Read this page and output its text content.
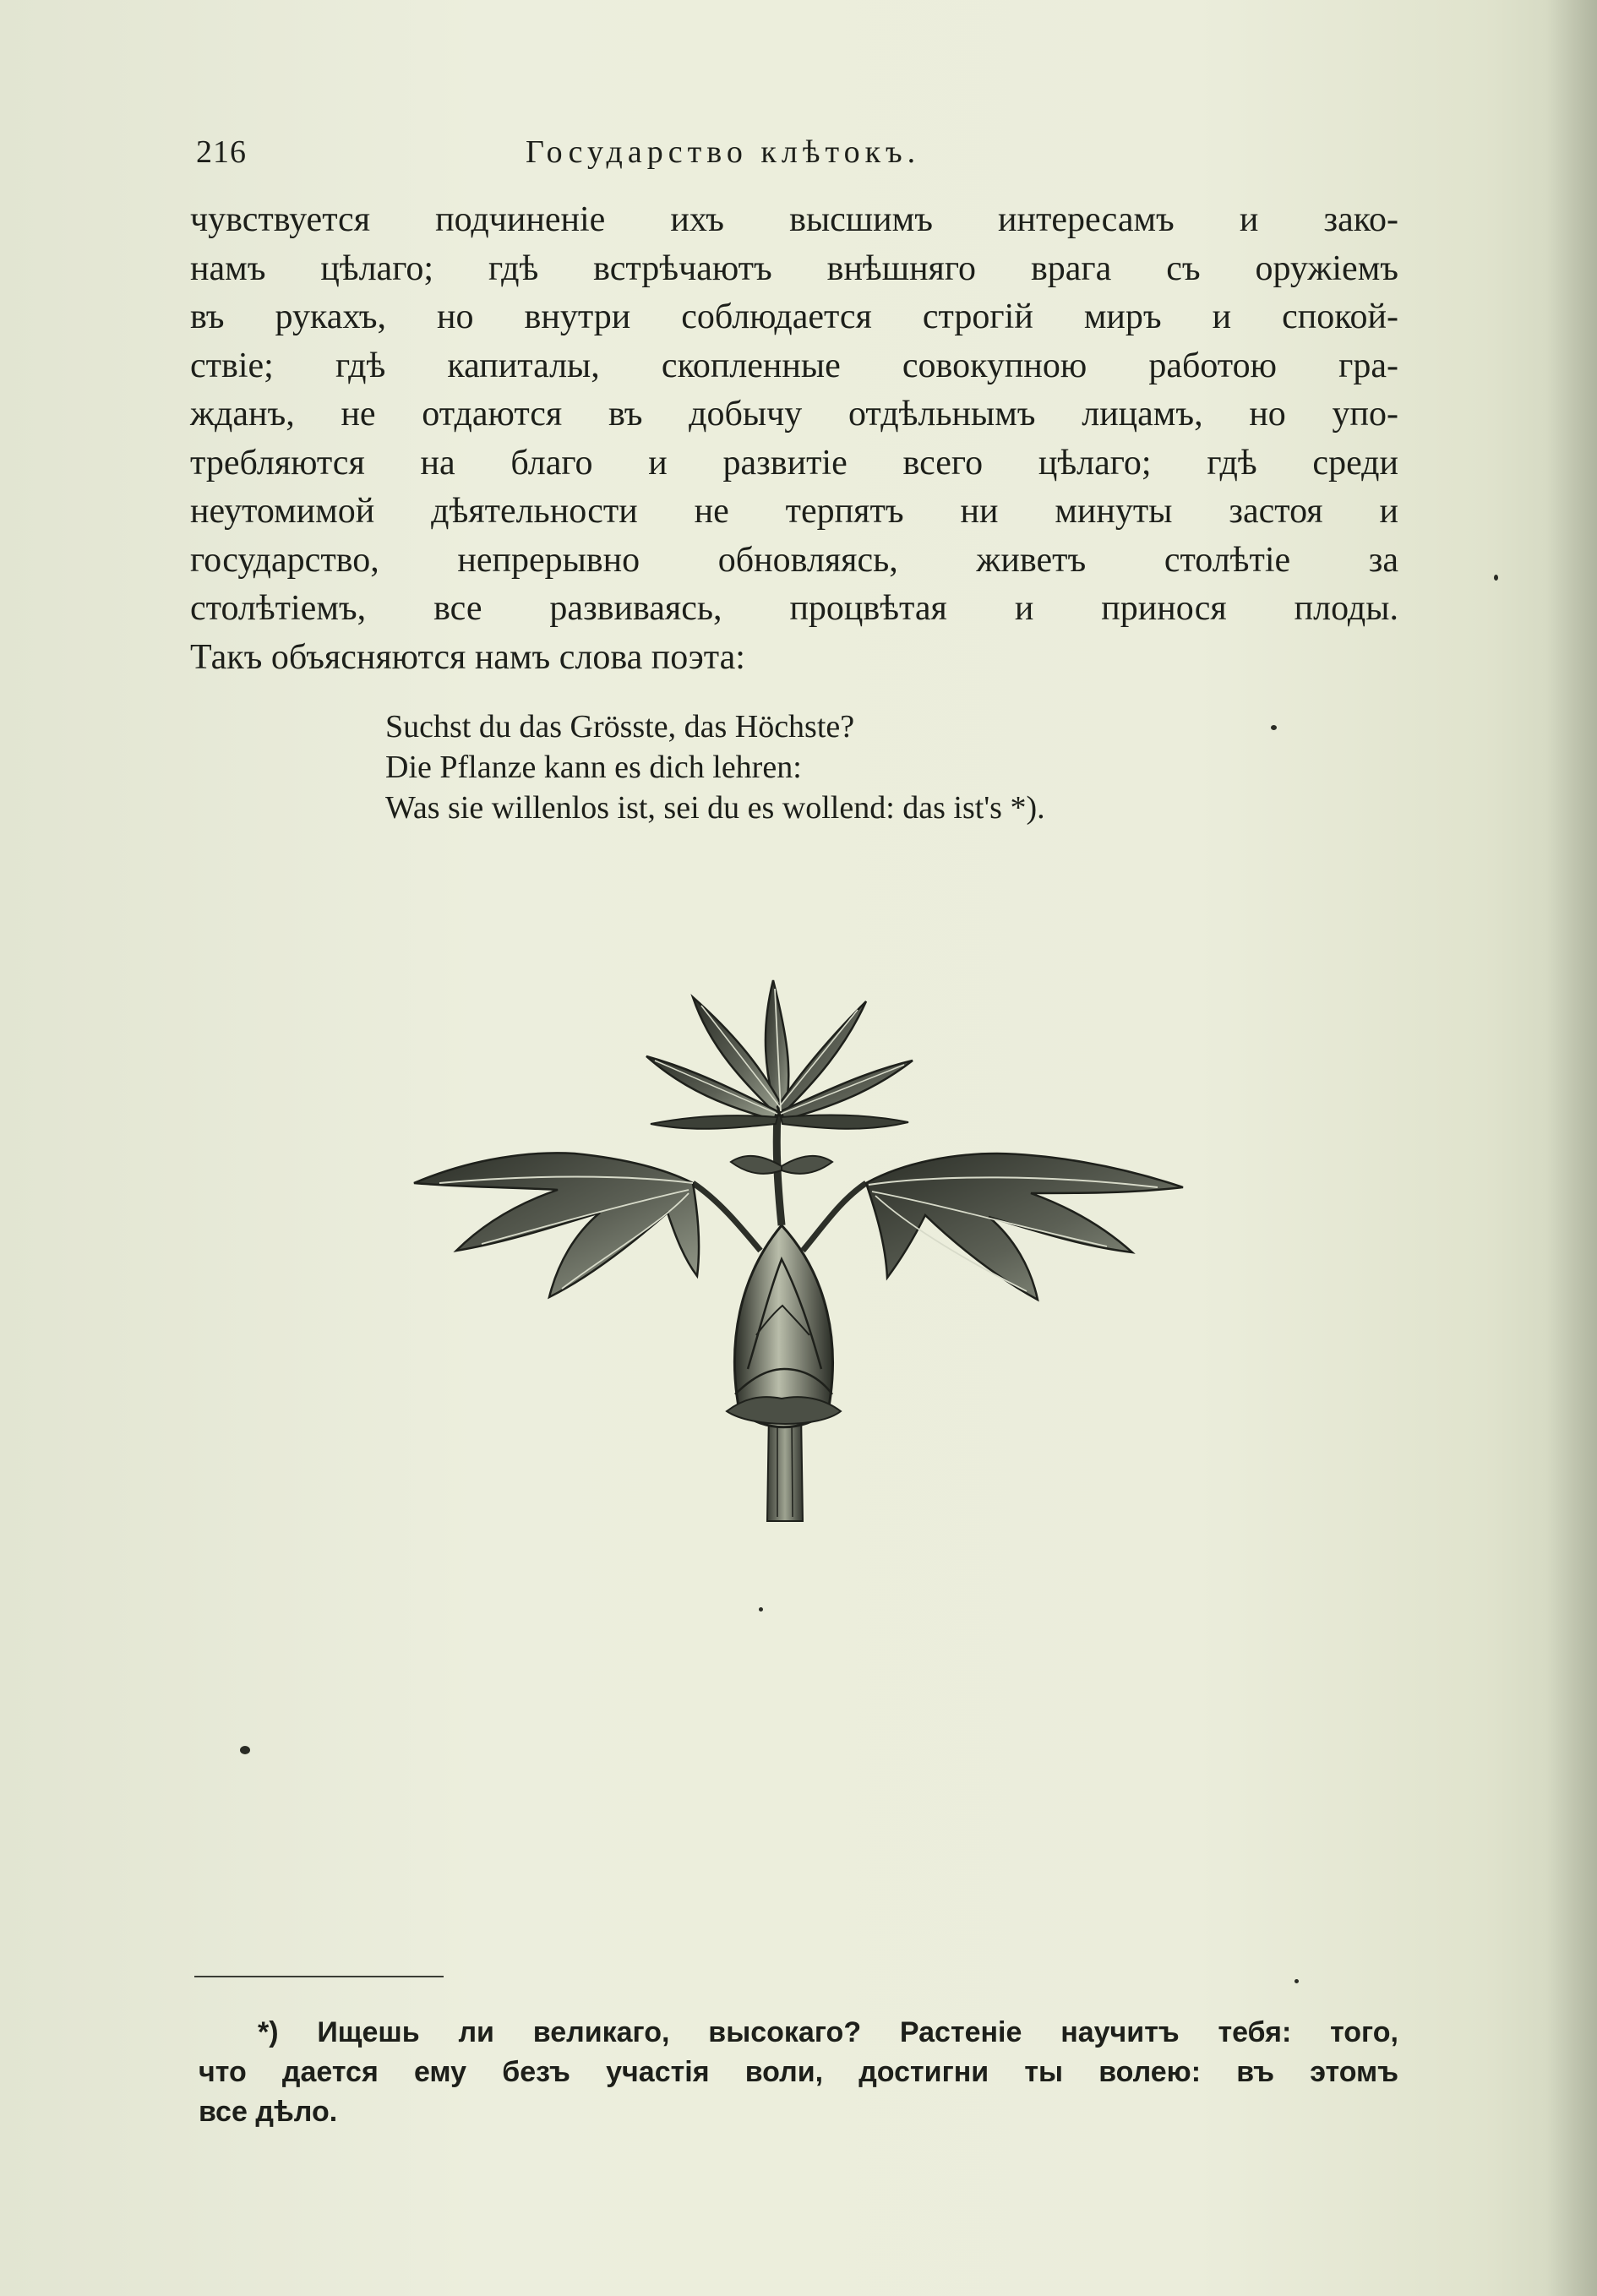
216	Государство клѣтокъ.
чувствуется подчиненіе ихъ высшимъ интересамъ и зако-
намъ цѣлаго; гдѣ встрѣчаютъ внѣшняго врага съ оружіемъ
въ рукахъ, но внутри соблюдается строгій миръ и спокой-
ствіе; гдѣ капиталы, скопленные совокупною работою гра-
жданъ, не отдаются въ добычу отдѣльнымъ лицамъ, но упо-
требляются на благо и развитіе всего цѣлаго; гдѣ среди
неутомимой дѣятельности не терпятъ ни минуты застоя и
государство, непрерывно обновляясь, живетъ столѣтіе за
столѣтіемъ, все развиваясь, процвѣтая и принося плоды.
Такъ объясняются намъ слова поэта:
Suchst du das Grösste, das Höchste?
Die Pflanze kann es dich lehren:
Was sie willenlos ist, sei du es wollend: das ist's *).
*) Ищешь ли великаго, высокаго? Растеніе научитъ тебя: того,
что дается ему безъ участія воли, достигни ты волею: въ этомъ
все дѣло.
